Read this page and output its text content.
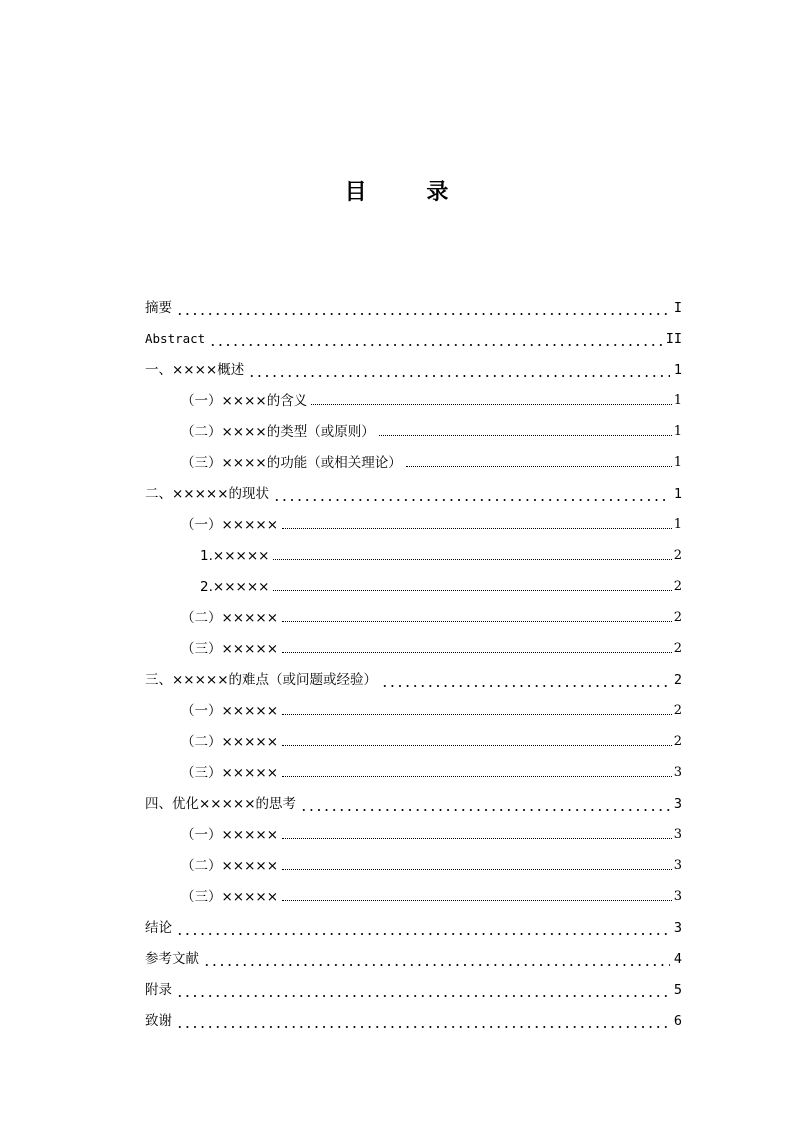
目 录
摘要	I
Abstract	II
一、××××概述	1
（一）××××的含义	1
（二）××××的类型（或原则）	1
（三）××××的功能（或相关理论）	1
二、×××××的现状	1
（一）×××××	1
1.×××××	2
2.×××××	2
（二）×××××	2
（三）×××××	2
三、×××××的难点（或问题或经验）	2
（一）×××××	2
（二）×××××	2
（三）×××××	3
四、优化×××××的思考	3
（一）×××××	3
（二）×××××	3
（三）×××××	3
结论	3
参考文献	4
附录	5
致谢	6
